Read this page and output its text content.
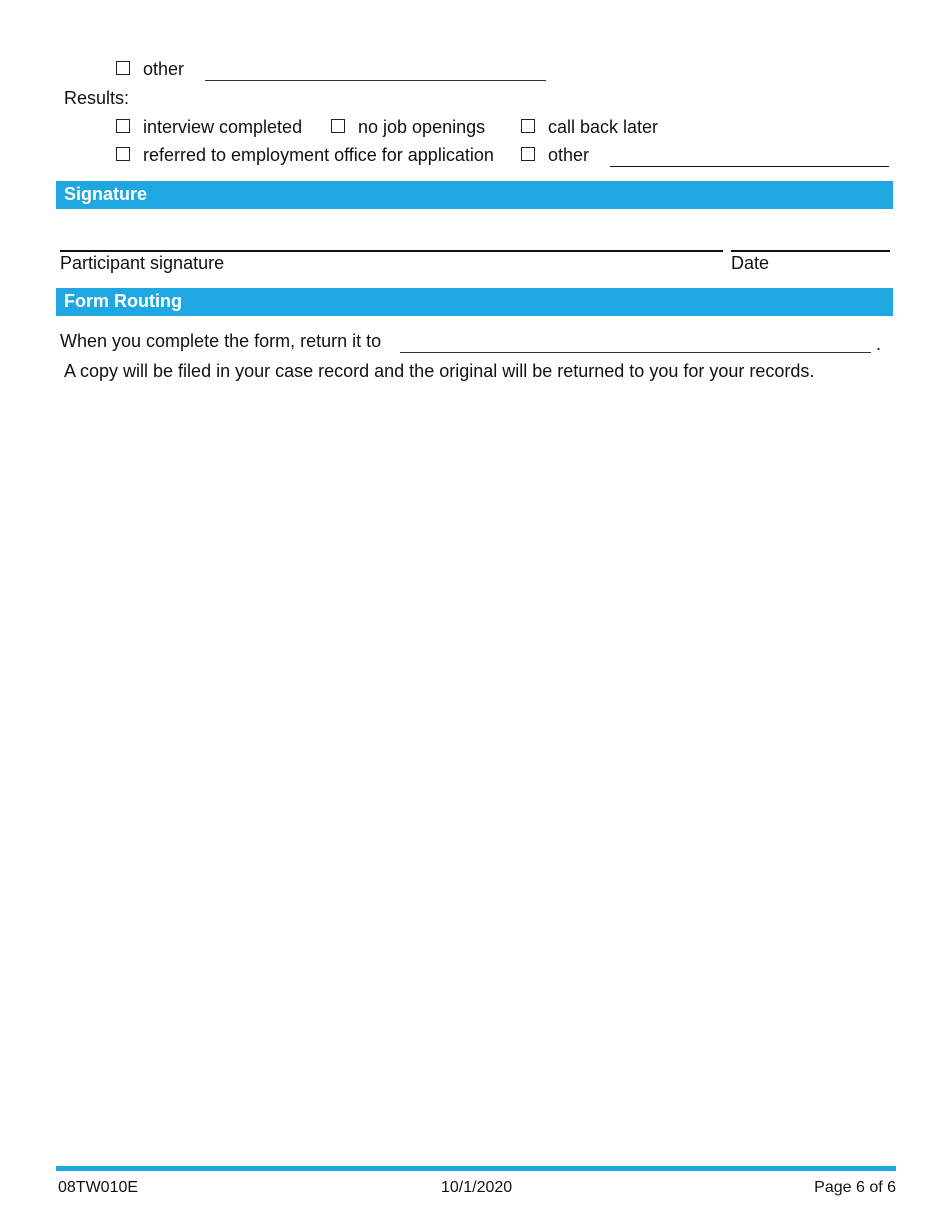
other
Results:
interview completed	no job openings	call back later
referred to employment office for application	other
Signature
Participant signature	Date
Form Routing
When you complete the form, return it to	.
A copy will be filed in your case record and the original will be returned to you for your records.
08TW010E	10/1/2020	Page 6 of 6
